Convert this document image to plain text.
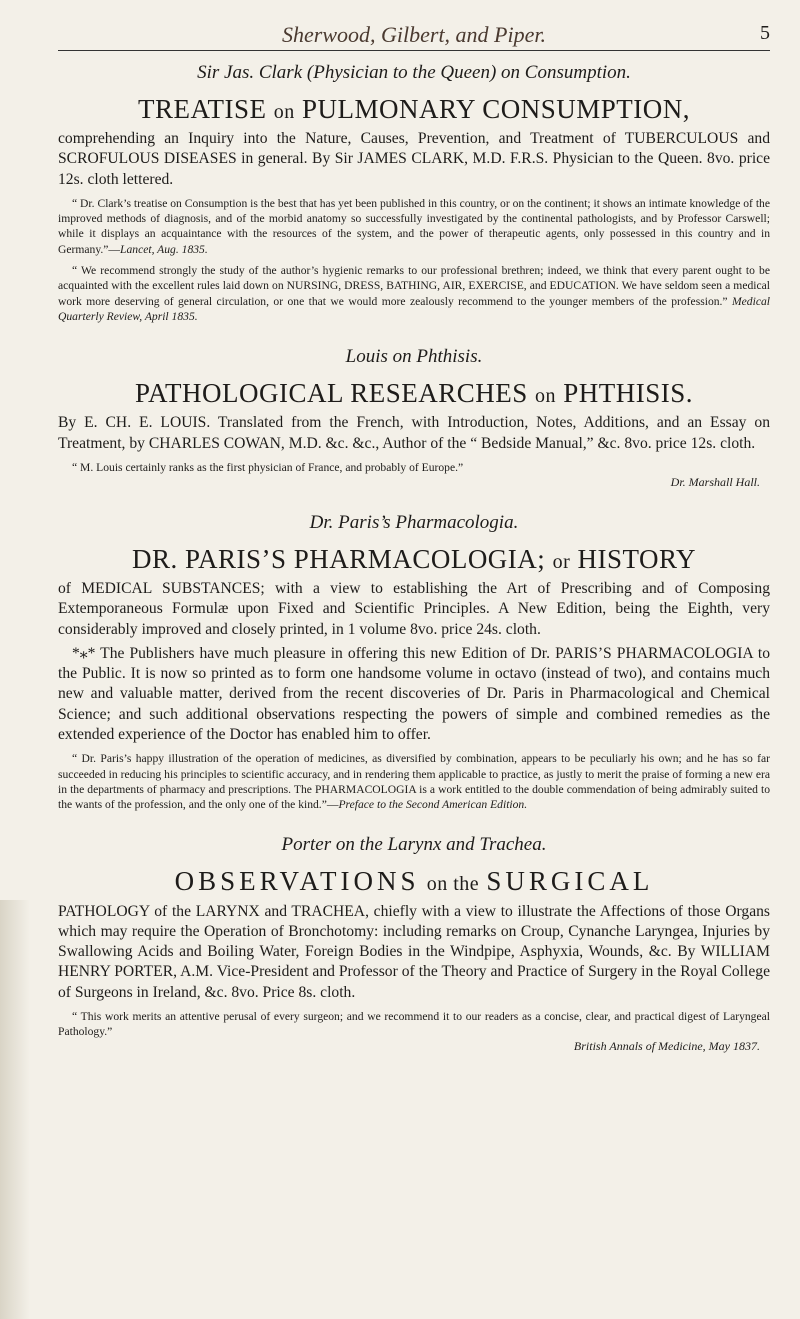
Sherwood, Gilbert, and Piper.	5

Sir Jas. Clark (Physician to the Queen) on Consumption.

TREATISE on PULMONARY CONSUMPTION,

comprehending an Inquiry into the Nature, Causes, Prevention, and Treatment of TUBERCULOUS and SCROFULOUS DISEASES in general. By Sir JAMES CLARK, M.D. F.R.S. Physician to the Queen. 8vo. price 12s. cloth lettered.

“ Dr. Clark’s treatise on Consumption is the best that has yet been published in this country, or on the continent; it shows an intimate knowledge of the improved methods of diagnosis, and of the morbid anatomy so successfully investigated by the continental pathologists, and by Professor Carswell; while it displays an acquaintance with the resources of the system, and the power of therapeutic agents, only possessed in this country and in Germany.”—Lancet, Aug. 1835.

“ We recommend strongly the study of the author’s hygienic remarks to our professional brethren; indeed, we think that every parent ought to be acquainted with the excellent rules laid down on NURSING, DRESS, BATHING, AIR, EXERCISE, and EDUCATION. We have seldom seen a medical work more deserving of general circulation, or one that we would more zealously recommend to the younger members of the profession.” Medical Quarterly Review, April 1835.

Louis on Phthisis.

PATHOLOGICAL RESEARCHES on PHTHISIS.

By E. CH. E. LOUIS. Translated from the French, with Introduction, Notes, Additions, and an Essay on Treatment, by CHARLES COWAN, M.D. &c. &c., Author of the “ Bedside Manual,” &c. 8vo. price 12s. cloth.

“ M. Louis certainly ranks as the first physician of France, and probably of Europe.”

Dr. Marshall Hall.

Dr. Paris’s Pharmacologia.

DR. PARIS’S PHARMACOLOGIA; or HISTORY

of MEDICAL SUBSTANCES; with a view to establishing the Art of Prescribing and of Composing Extemporaneous Formulæ upon Fixed and Scientific Principles. A New Edition, being the Eighth, very considerably improved and closely printed, in 1 volume 8vo. price 24s. cloth.

*⁎* The Publishers have much pleasure in offering this new Edition of Dr. PARIS’S PHARMACOLOGIA to the Public. It is now so printed as to form one handsome volume in octavo (instead of two), and contains much new and valuable matter, derived from the recent discoveries of Dr. Paris in Pharmacological and Chemical Science; and such additional observations respecting the powers of simple and combined remedies as the extended experience of the Doctor has enabled him to offer.

“ Dr. Paris’s happy illustration of the operation of medicines, as diversified by combination, appears to be peculiarly his own; and he has so far succeeded in reducing his principles to scientific accuracy, and in rendering them applicable to practice, as justly to merit the praise of forming a new era in the departments of pharmacy and prescriptions. The PHARMACOLOGIA is a work entitled to the double commendation of being admirably suited to the wants of the profession, and the only one of the kind.”—Preface to the Second American Edition.

Porter on the Larynx and Trachea.

OBSERVATIONS on the SURGICAL

PATHOLOGY of the LARYNX and TRACHEA, chiefly with a view to illustrate the Affections of those Organs which may require the Operation of Bronchotomy: including remarks on Croup, Cynanche Laryngea, Injuries by Swallowing Acids and Boiling Water, Foreign Bodies in the Windpipe, Asphyxia, Wounds, &c. By WILLIAM HENRY PORTER, A.M. Vice-President and Professor of the Theory and Practice of Surgery in the Royal College of Surgeons in Ireland, &c. 8vo. Price 8s. cloth.

“ This work merits an attentive perusal of every surgeon; and we recommend it to our readers as a concise, clear, and practical digest of Laryngeal Pathology.”

British Annals of Medicine, May 1837.
